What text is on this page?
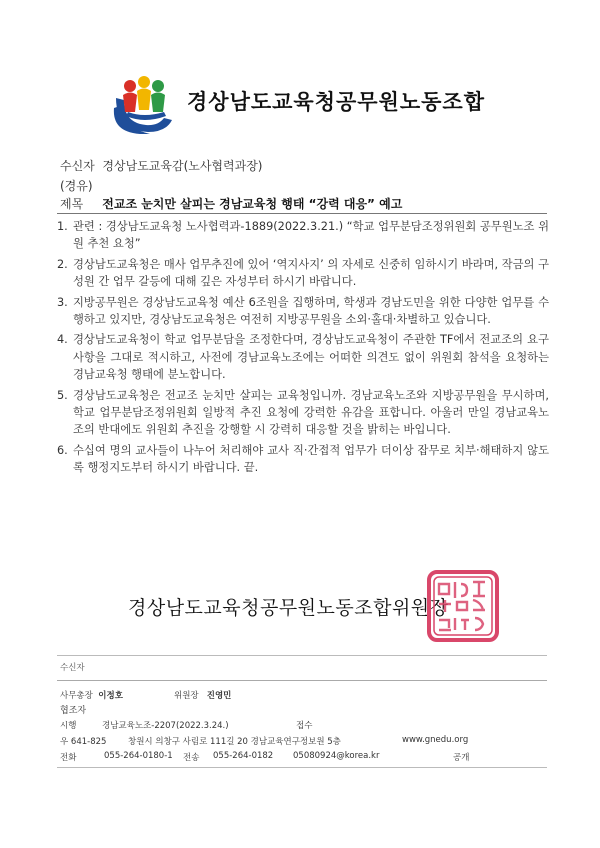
경상남도교육청공무원노동조합
수신자 경상남도교육감(노사협력과장)
(경유)
제목 전교조 눈치만 살피는 경남교육청 행태 “강력 대응” 예고
1. 관련 : 경상남도교육청 노사협력과-1889(2022.3.21.) “학교 업무분담조정위원회 공무원노조 위원 추천 요청”
2. 경상남도교육청은 매사 업무추진에 있어 ‘역지사지’ 의 자세로 신중히 임하시기 바라며, 작금의 구성원 간 업무 갈등에 대해 깊은 자성부터 하시기 바랍니다.
3. 지방공무원은 경상남도교육청 예산 6조원을 집행하며, 학생과 경남도민을 위한 다양한 업무를 수행하고 있지만, 경상남도교육청은 여전히 지방공무원을 소외·홀대·차별하고 있습니다.
4. 경상남도교육청이 학교 업무분담을 조정한다며, 경상남도교육청이 주관한 TF에서 전교조의 요구사항을 그대로 적시하고, 사전에 경남교육노조에는 어떠한 의견도 없이 위원회 참석을 요청하는 경남교육청 행태에 분노합니다.
5. 경상남도교육청은 전교조 눈치만 살피는 교육청입니까. 경남교육노조와 지방공무원을 무시하며, 학교 업무분담조정위원회 일방적 추진 요청에 강력한 유감을 표합니다. 아울러 만일 경남교육노조의 반대에도 위원회 추진을 강행할 시 강력히 대응할 것을 밝히는 바입니다.
6. 수십여 명의 교사들이 나누어 처리해야 교사 직·간접적 업무가 더이상 잡무로 치부·해태하지 않도록 행정지도부터 하시기 바랍니다. 끝.
경상남도교육청공무원노동조합위원장
수신자
사무총장 이정호	위원장 진영민
협조자
시행	경남교육노조-2207(2022.3.24.)	접수
우 641-825	창원시 의창구 사림로 111길 20 경남교육연구정보원 5층	www.gnedu.org
전화	055-264-0180-1 전송 055-264-0182 05080924@korea.kr	공개
